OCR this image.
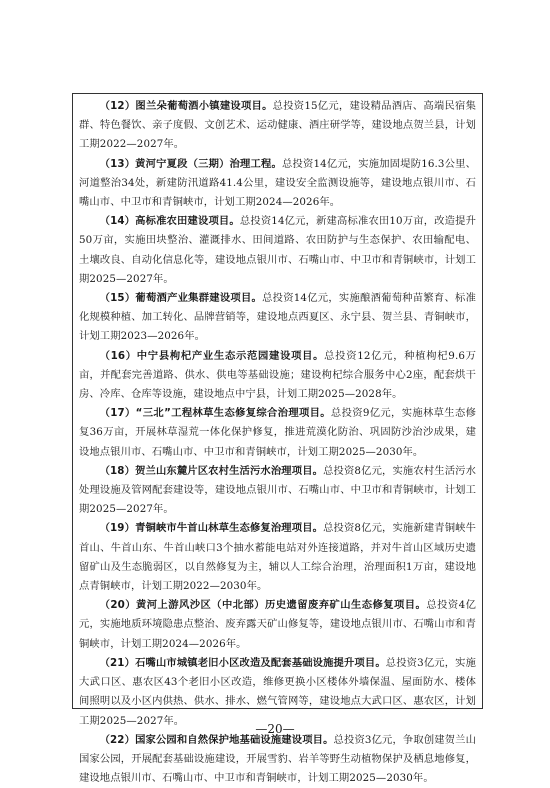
（12）图兰朵葡萄酒小镇建设项目。总投资15亿元，建设精品酒店、高端民宿集群、特色餐饮、亲子度假、文创艺术、运动健康、酒庄研学等，建设地点贺兰县，计划工期2022—2027年。

（13）黄河宁夏段（三期）治理工程。总投资14亿元，实施加固堤防16.3公里、河道整治34处，新建防汛道路41.4公里，建设安全监测设施等，建设地点银川市、石嘴山市、中卫市和青铜峡市，计划工期2024—2026年。

（14）高标准农田建设项目。总投资14亿元，新建高标准农田10万亩，改造提升50万亩，实施田块整治、灌溉排水、田间道路、农田防护与生态保护、农田输配电、土壤改良、自动化信息化等，建设地点银川市、石嘴山市、中卫市和青铜峡市，计划工期2025—2027年。

（15）葡萄酒产业集群建设项目。总投资14亿元，实施酿酒葡萄种苗繁育、标准化规模种植、加工转化、品牌营销等，建设地点西夏区、永宁县、贺兰县、青铜峡市，计划工期2023—2026年。

（16）中宁县枸杞产业生态示范园建设项目。总投资12亿元，种植枸杞9.6万亩，并配套完善道路、供水、供电等基础设施；建设枸杞综合服务中心2座，配套烘干房、冷库、仓库等设施，建设地点中宁县，计划工期2025—2028年。

（17）“三北”工程林草生态修复综合治理项目。总投资9亿元，实施林草生态修复36万亩，开展林草湿荒一体化保护修复，推进荒漠化防治、巩固防沙治沙成果，建设地点银川市、石嘴山市、中卫市和青铜峡市，计划工期2025—2030年。

（18）贺兰山东麓片区农村生活污水治理项目。总投资8亿元，实施农村生活污水处理设施及管网配套建设等，建设地点银川市、石嘴山市、中卫市和青铜峡市，计划工期2025—2027年。

（19）青铜峡市牛首山林草生态修复治理项目。总投资8亿元，实施新建青铜峡牛首山、牛首山东、牛首山峡口3个抽水蓄能电站对外连接道路，并对牛首山区域历史遗留矿山及生态脆弱区，以自然修复为主，辅以人工综合治理，治理面积1万亩，建设地点青铜峡市，计划工期2022—2030年。

（20）黄河上游风沙区（中北部）历史遗留废弃矿山生态修复项目。总投资4亿元，实施地质环境隐患点整治、废弃露天矿山修复等，建设地点银川市、石嘴山市和青铜峡市，计划工期2024—2026年。

（21）石嘴山市城镇老旧小区改造及配套基础设施提升项目。总投资3亿元，实施大武口区、惠农区43个老旧小区改造，维修更换小区楼体外墙保温、屋面防水、楼体间照明以及小区内供热、供水、排水、燃气管网等，建设地点大武口区、惠农区，计划工期2025—2027年。

（22）国家公园和自然保护地基础设施建设项目。总投资3亿元，争取创建贺兰山国家公园，开展配套基础设施建设，开展雪豹、岩羊等野生动植物保护及栖息地修复，建设地点银川市、石嘴山市、中卫市和青铜峡市，计划工期2025—2030年。

—20—
